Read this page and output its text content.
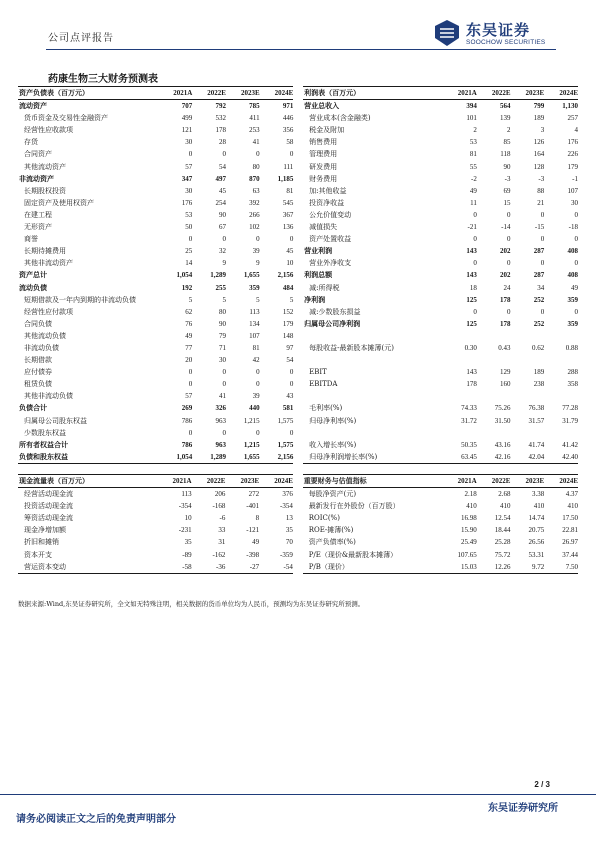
公司点评报告	东吴证券
SOOCHOW SECURITIES
药康生物三大财务预测表
资产负债表（百万元）	2021A	2022E	2023E	2024E		利润表（百万元）	2021A	2022E	2023E	2024E
流动资产	707	792	785	971		营业总收入	394	564	799	1,130
货币资金及交易性金融资产	499	532	411	446		营业成本(含金融类)	101	139	189	257
经营性应收款项	121	178	253	356		税金及附加	2	2	3	4
存货	30	28	41	58		销售费用	53	85	126	176
合同资产	0	0	0	0		管理费用	81	118	164	226
其他流动资产	57	54	80	111		研发费用	55	90	128	179
非流动资产	347	497	870	1,185		财务费用	-2	-3	-3	-1
长期股权投资	30	45	63	81		加:其他收益	49	69	88	107
固定资产及使用权资产	176	254	392	545		投资净收益	11	15	21	30
在建工程	53	90	266	367		公允价值变动	0	0	0	0
无形资产	50	67	102	136		减值损失	-21	-14	-15	-18
商誉	0	0	0	0		资产处置收益	0	0	0	0
长期待摊费用	25	32	39	45		营业利润	143	202	287	408
其他非流动资产	14	9	9	10		营业外净收支	0	0	0	0
资产总计	1,054	1,289	1,655	2,156		利润总额	143	202	287	408
流动负债	192	255	359	484		减:所得税	18	24	34	49
短期借款及一年内到期的非流动负债	5	5	5	5		净利润	125	178	252	359
经营性应付款项	62	80	113	152		减:少数股东损益	0	0	0	0
合同负债	76	90	134	179		归属母公司净利润	125	178	252	359
其他流动负债	49	79	107	148						
非流动负债	77	71	81	97		每股收益-最新股本摊薄(元)	0.30	0.43	0.62	0.88
长期借款	20	30	42	54						
应付债券	0	0	0	0		EBIT	143	129	189	288
租赁负债	0	0	0	0		EBITDA	178	160	238	358
其他非流动负债	57	41	39	43						
负债合计	269	326	440	581		毛利率(%)	74.33	75.26	76.38	77.28
归属母公司股东权益	786	963	1,215	1,575		归母净利率(%)	31.72	31.50	31.57	31.79
少数股东权益	0	0	0	0						
所有者权益合计	786	963	1,215	1,575		收入增长率(%)	50.35	43.16	41.74	41.42
负债和股东权益	1,054	1,289	1,655	2,156		归母净利润增长率(%)	63.45	42.16	42.04	42.40
现金流量表（百万元）	2021A	2022E	2023E	2024E		重要财务与估值指标	2021A	2022E	2023E	2024E
经营活动现金流	113	206	272	376		每股净资产(元)	2.18	2.68	3.38	4.37
投资活动现金流	-354	-168	-401	-354		最新发行在外股份（百万股）	410	410	410	410
筹资活动现金流	10	-6	8	13		ROIC(%)	16.98	12.54	14.74	17.50
现金净增加额	-231	33	-121	35		ROE-摊薄(%)	15.90	18.44	20.75	22.81
折旧和摊销	35	31	49	70		资产负债率(%)	25.49	25.28	26.56	26.97
资本开支	-89	-162	-398	-359		P/E（现价&最新股本摊薄）	107.65	75.72	53.31	37.44
营运资本变动	-58	-36	-27	-54		P/B（现价）	15.03	12.26	9.72	7.50
数据来源:Wind,东吴证券研究所，全文如无特殊注明，相关数据的货币单位均为人民币，预测均为东吴证券研究所预测。
2 / 3
请务必阅读正文之后的免责声明部分
东吴证券研究所
